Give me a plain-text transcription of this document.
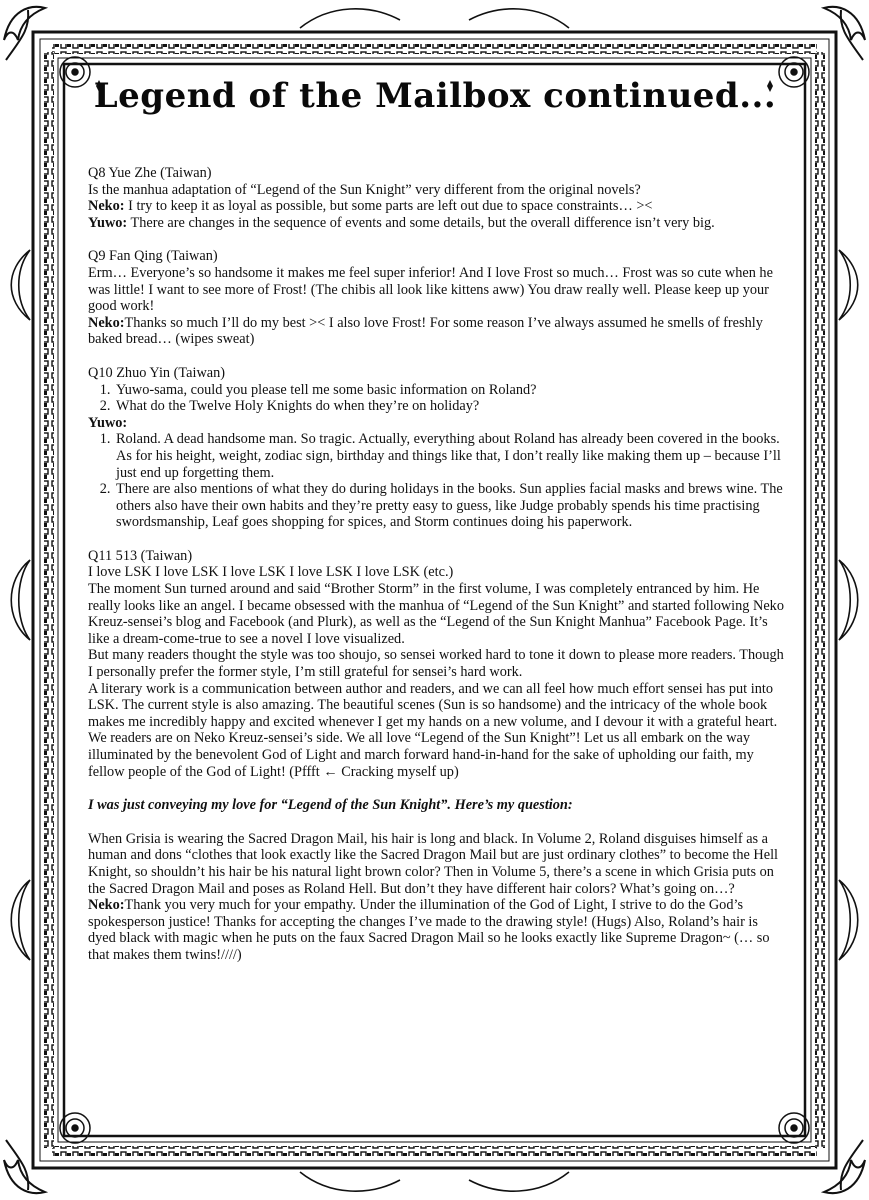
Legend of the Mailbox continued...

Q8 Yue Zhe (Taiwan)

Is the manhua adaptation of “Legend of the Sun Knight” very different from the original novels?

Neko: I try to keep it as loyal as possible, but some parts are left out due to space constraints… ><

Yuwo: There are changes in the sequence of events and some details, but the overall difference isn’t very big.

Q9 Fan Qing (Taiwan)

Erm… Everyone’s so handsome it makes me feel super inferior! And I love Frost so much… Frost was so cute when he was little! I want to see more of Frost! (The chibis all look like kittens aww) You draw really well. Please keep up your good work!

Neko:Thanks so much I’ll do my best >< I also love Frost! For some reason I’ve always assumed he smells of freshly baked bread… (wipes sweat)

Q10 Zhuo Yin (Taiwan)

1. Yuwo-sama, could you please tell me some basic information on Roland?
2. What do the Twelve Holy Knights do when they’re on holiday?

Yuwo:

1. Roland. A dead handsome man. So tragic. Actually, everything about Roland has already been covered in the books. As for his height, weight, zodiac sign, birthday and things like that, I don’t really like making them up – because I’ll just end up forgetting them.
2. There are also mentions of what they do during holidays in the books. Sun applies facial masks and brews wine. The others also have their own habits and they’re pretty easy to guess, like Judge probably spends his time practising swordsmanship, Leaf goes shopping for spices, and Storm continues doing his paperwork.

Q11 513 (Taiwan)

I love LSK I love LSK I love LSK I love LSK I love LSK (etc.)

The moment Sun turned around and said “Brother Storm” in the first volume, I was completely entranced by him. He really looks like an angel. I became obsessed with the manhua of “Legend of the Sun Knight” and started following Neko Kreuz-sensei’s blog and Facebook (and Plurk), as well as the “Legend of the Sun Knight Manhua” Facebook Page. It’s like a dream-come-true to see a novel I love visualized.

But many readers thought the style was too shoujo, so sensei worked hard to tone it down to please more readers. Though I personally prefer the former style, I’m still grateful for sensei’s hard work.

A literary work is a communication between author and readers, and we can all feel how much effort sensei has put into LSK. The current style is also amazing. The beautiful scenes (Sun is so handsome) and the intricacy of the whole book makes me incredibly happy and excited whenever I get my hands on a new volume, and I devour it with a grateful heart.

We readers are on Neko Kreuz-sensei’s side. We all love “Legend of the Sun Knight”! Let us all embark on the way illuminated by the benevolent God of Light and march forward hand-in-hand for the sake of upholding our faith, my fellow people of the God of Light! (Pffft ← Cracking myself up)

I was just conveying my love for “Legend of the Sun Knight”. Here’s my question:

When Grisia is wearing the Sacred Dragon Mail, his hair is long and black. In Volume 2, Roland disguises himself as a human and dons “clothes that look exactly like the Sacred Dragon Mail but are just ordinary clothes” to become the Hell Knight, so shouldn’t his hair be his natural light brown color? Then in Volume 5, there’s a scene in which Grisia puts on the Sacred Dragon Mail and poses as Roland Hell. But don’t they have different hair colors? What’s going on…?

Neko:Thank you very much for your empathy. Under the illumination of the God of Light, I strive to do the God’s spokesperson justice! Thanks for accepting the changes I’ve made to the drawing style! (Hugs) Also, Roland’s hair is dyed black with magic when he puts on the faux Sacred Dragon Mail so he looks exactly like Supreme Dragon~ (… so that makes them twins!////)
